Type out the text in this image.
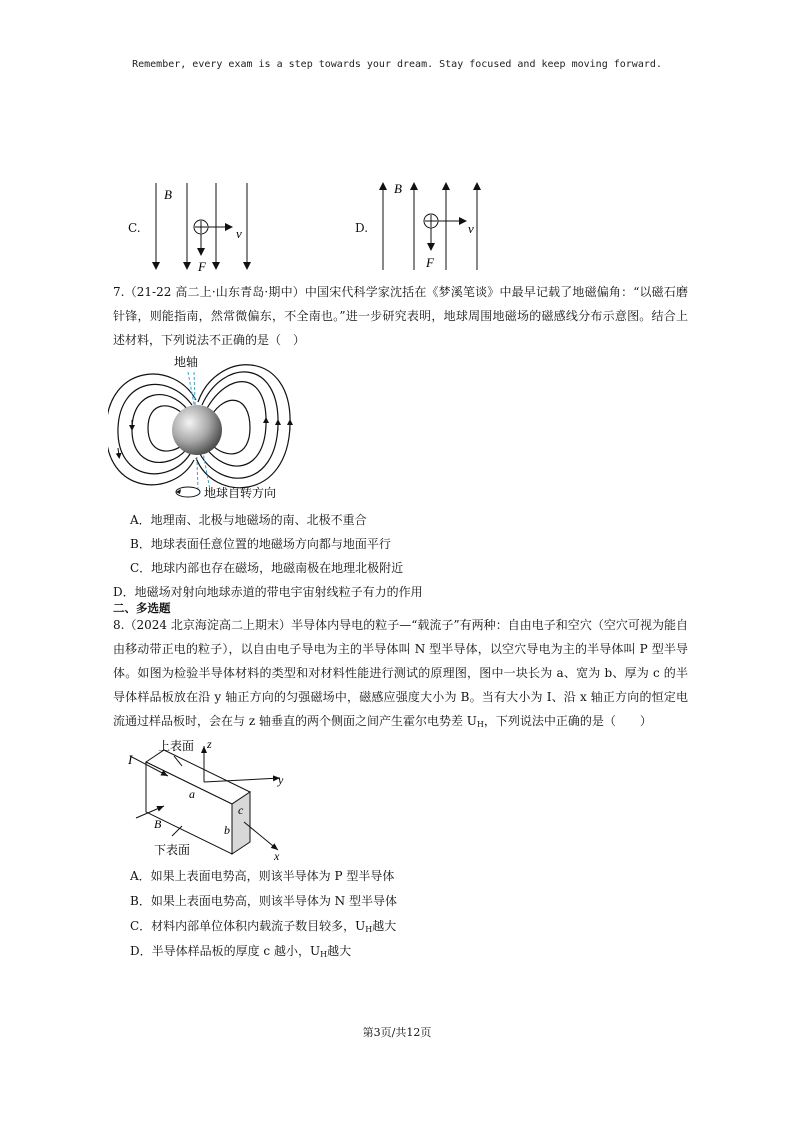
Remember, every exam is a step towards your dream. Stay focused and keep moving forward.
C.
B
v
F
D.
B
v
F
7.（21-22 高二上·山东青岛·期中）中国宋代科学家沈括在《梦溪笔谈》中最早记载了地磁偏角：“以磁石磨针锋，则能指南，然常微偏东，不全南也。”进一步研究表明，地球周围地磁场的磁感线分布示意图。结合上述材料，下列说法不正确的是（　）
地轴
地球自转方向
A．地理南、北极与地磁场的南、北极不重合
B．地球表面任意位置的地磁场方向都与地面平行
C．地球内部也存在磁场，地磁南极在地理北极附近
D．地磁场对射向地球赤道的带电宇宙射线粒子有力的作用
二、多选题
8.（2024 北京海淀高二上期末）半导体内导电的粒子—“载流子”有两种：自由电子和空穴（空穴可视为能自由移动带正电的粒子），以自由电子导电为主的半导体叫 N 型半导体，以空穴导电为主的半导体叫 P 型半导体。如图为检验半导体材料的类型和对材料性能进行测试的原理图，图中一块长为 a、宽为 b、厚为 c 的半导体样品板放在沿 y 轴正方向的匀强磁场中，磁感应强度大小为 B。当有大小为 I、沿 x 轴正方向的恒定电流通过样品板时，会在与 z 轴垂直的两个侧面之间产生霍尔电势差 $U_H$，下列说法中正确的是（　　）
上表面
下表面
I
z
y
x
a
b
c
B
A．如果上表面电势高，则该半导体为 P 型半导体
B．如果上表面电势高，则该半导体为 N 型半导体
C．材料内部单位体积内载流子数目较多，$U_H$越大
D．半导体样品板的厚度 c 越小，$U_H$越大
第3页/共12页
